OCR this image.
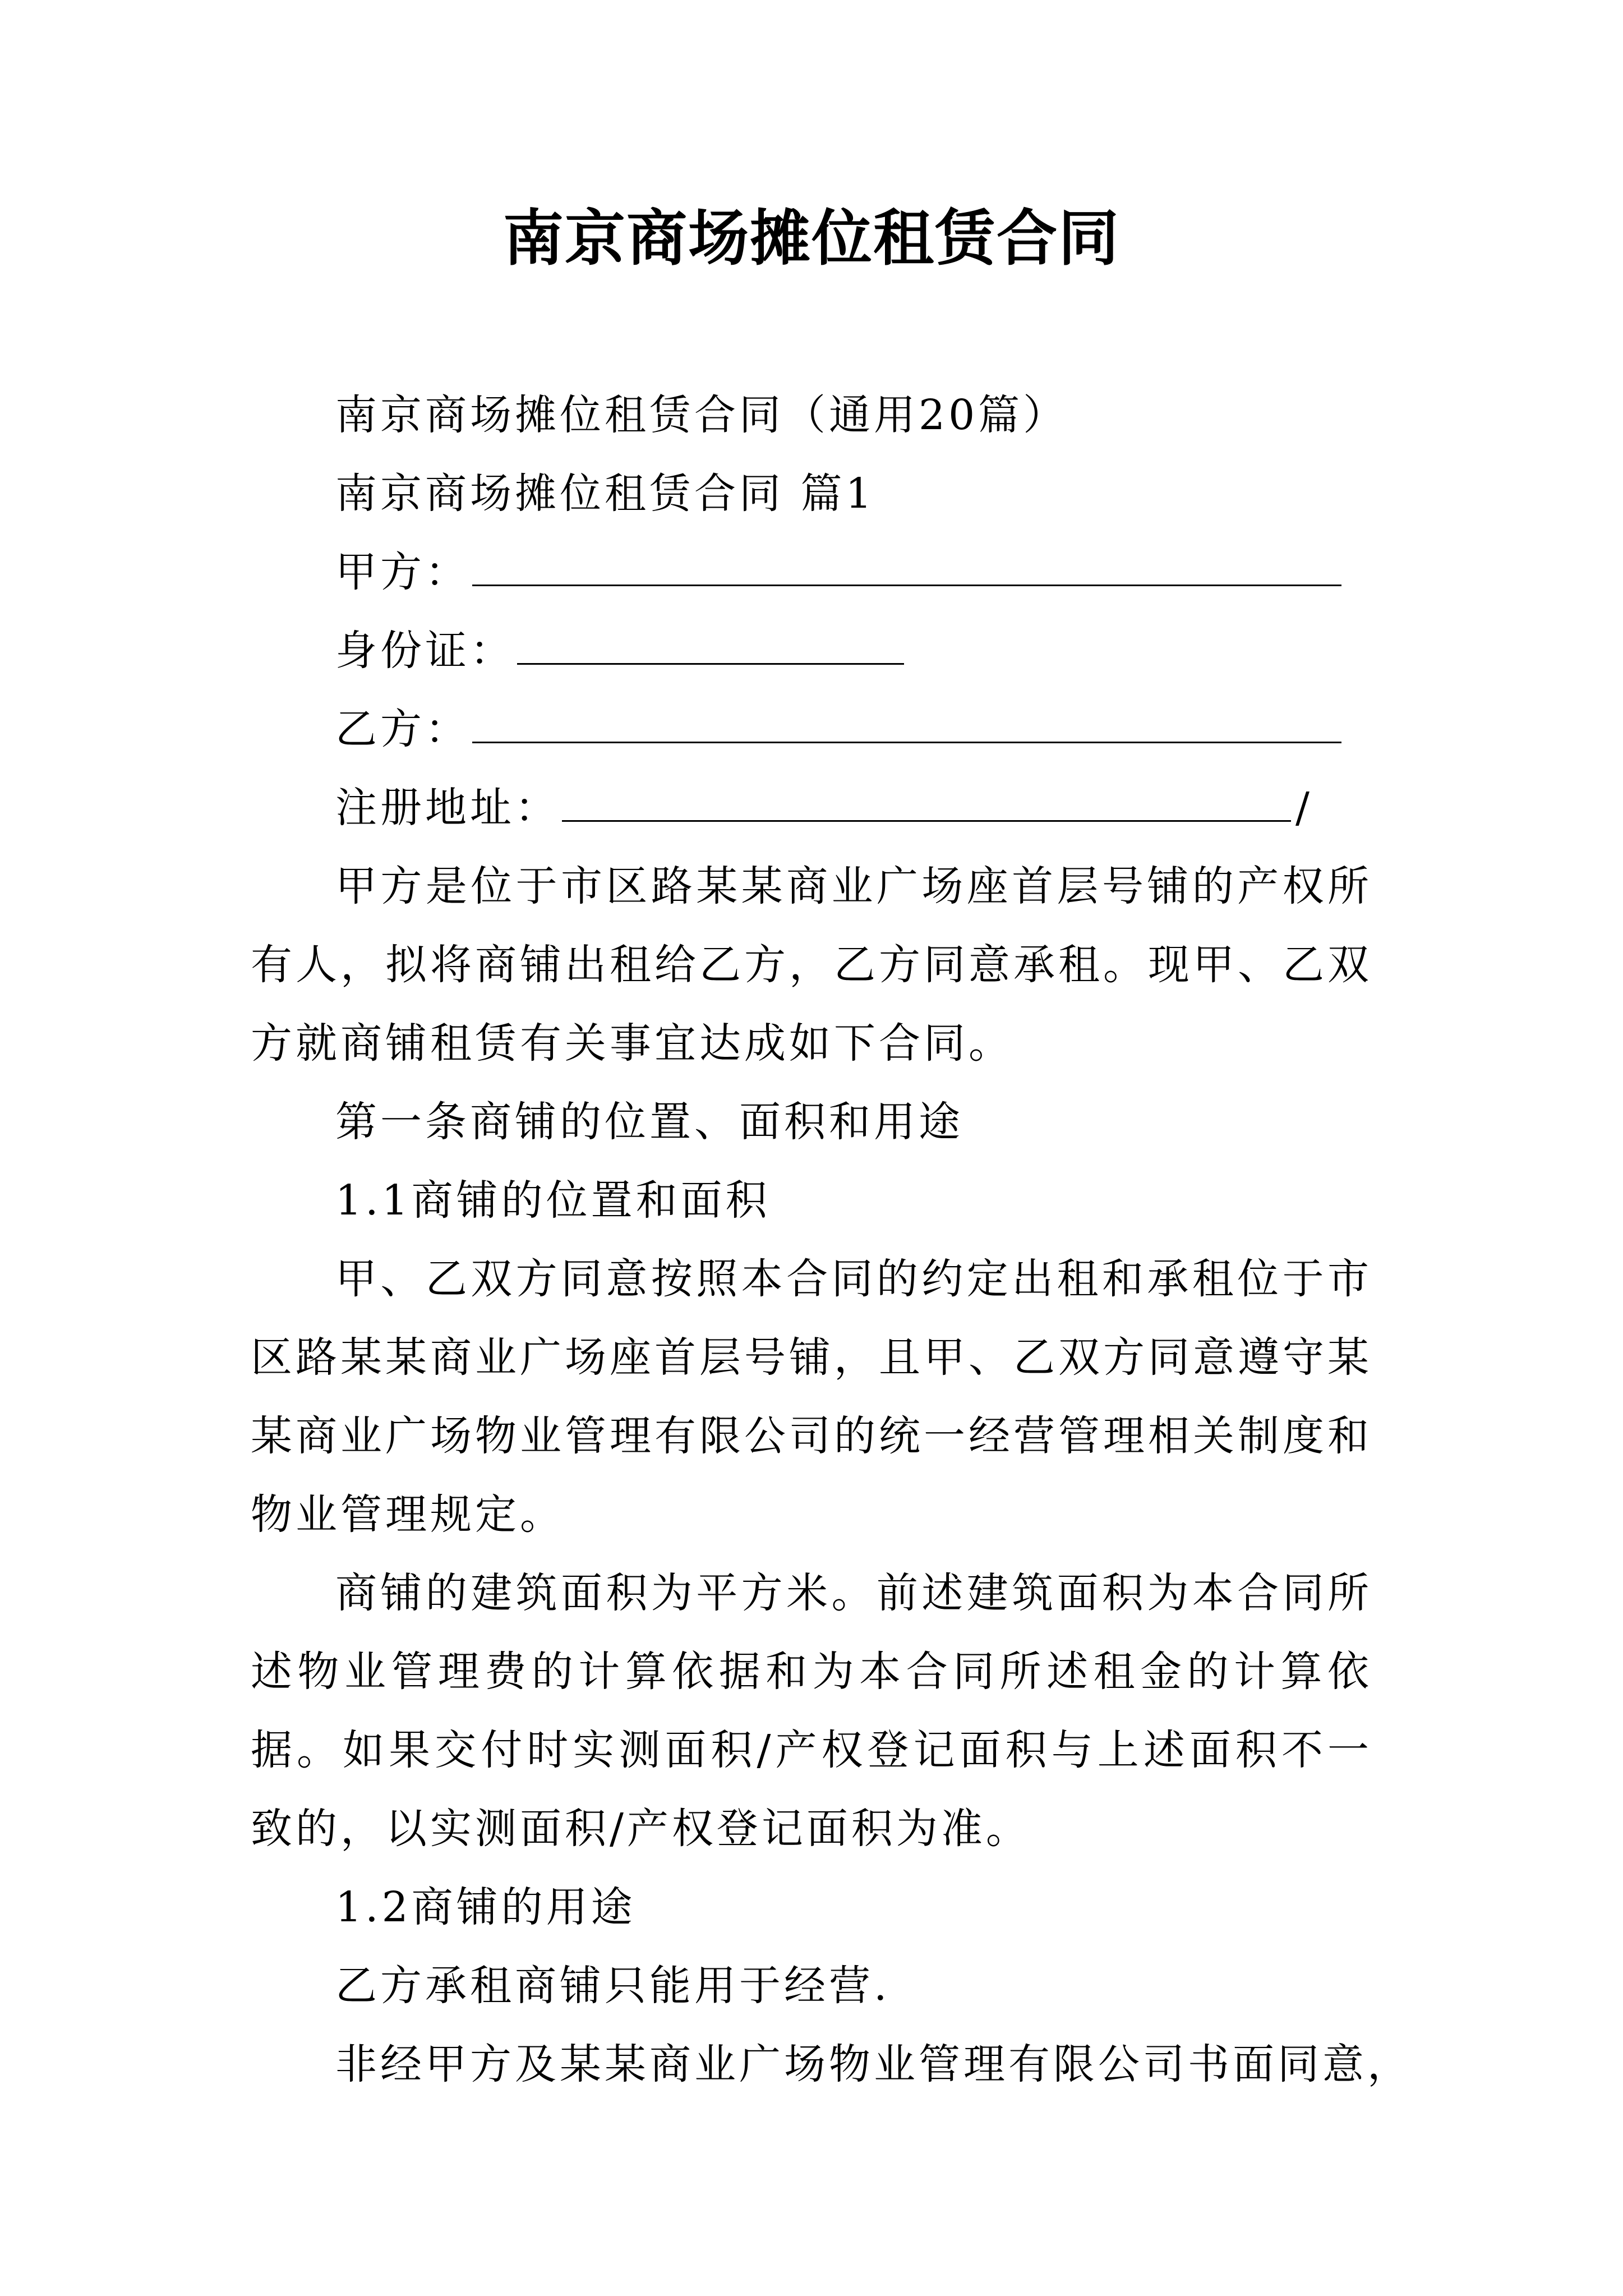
南京商场摊位租赁合同
南京商场摊位租赁合同（通用20篇）
南京商场摊位租赁合同 篇1
甲方：
身份证：
乙方：
注册地址：	/

甲方是位于市区路某某商业广场座首层号铺的产权所有人，拟将商铺出租给乙方，乙方同意承租。现甲、乙双方就商铺租赁有关事宜达成如下合同。

第一条商铺的位置、面积和用途
1.1商铺的位置和面积

甲、乙双方同意按照本合同的约定出租和承租位于市区路某某商业广场座首层号铺，且甲、乙双方同意遵守某某商业广场物业管理有限公司的统一经营管理相关制度和物业管理规定。

商铺的建筑面积为平方米。前述建筑面积为本合同所述物业管理费的计算依据和为本合同所述租金的计算依据。如果交付时实测面积/产权登记面积与上述面积不一致的，以实测面积/产权登记面积为准。

1.2商铺的用途
乙方承租商铺只能用于经营.
非经甲方及某某商业广场物业管理有限公司书面同意，
